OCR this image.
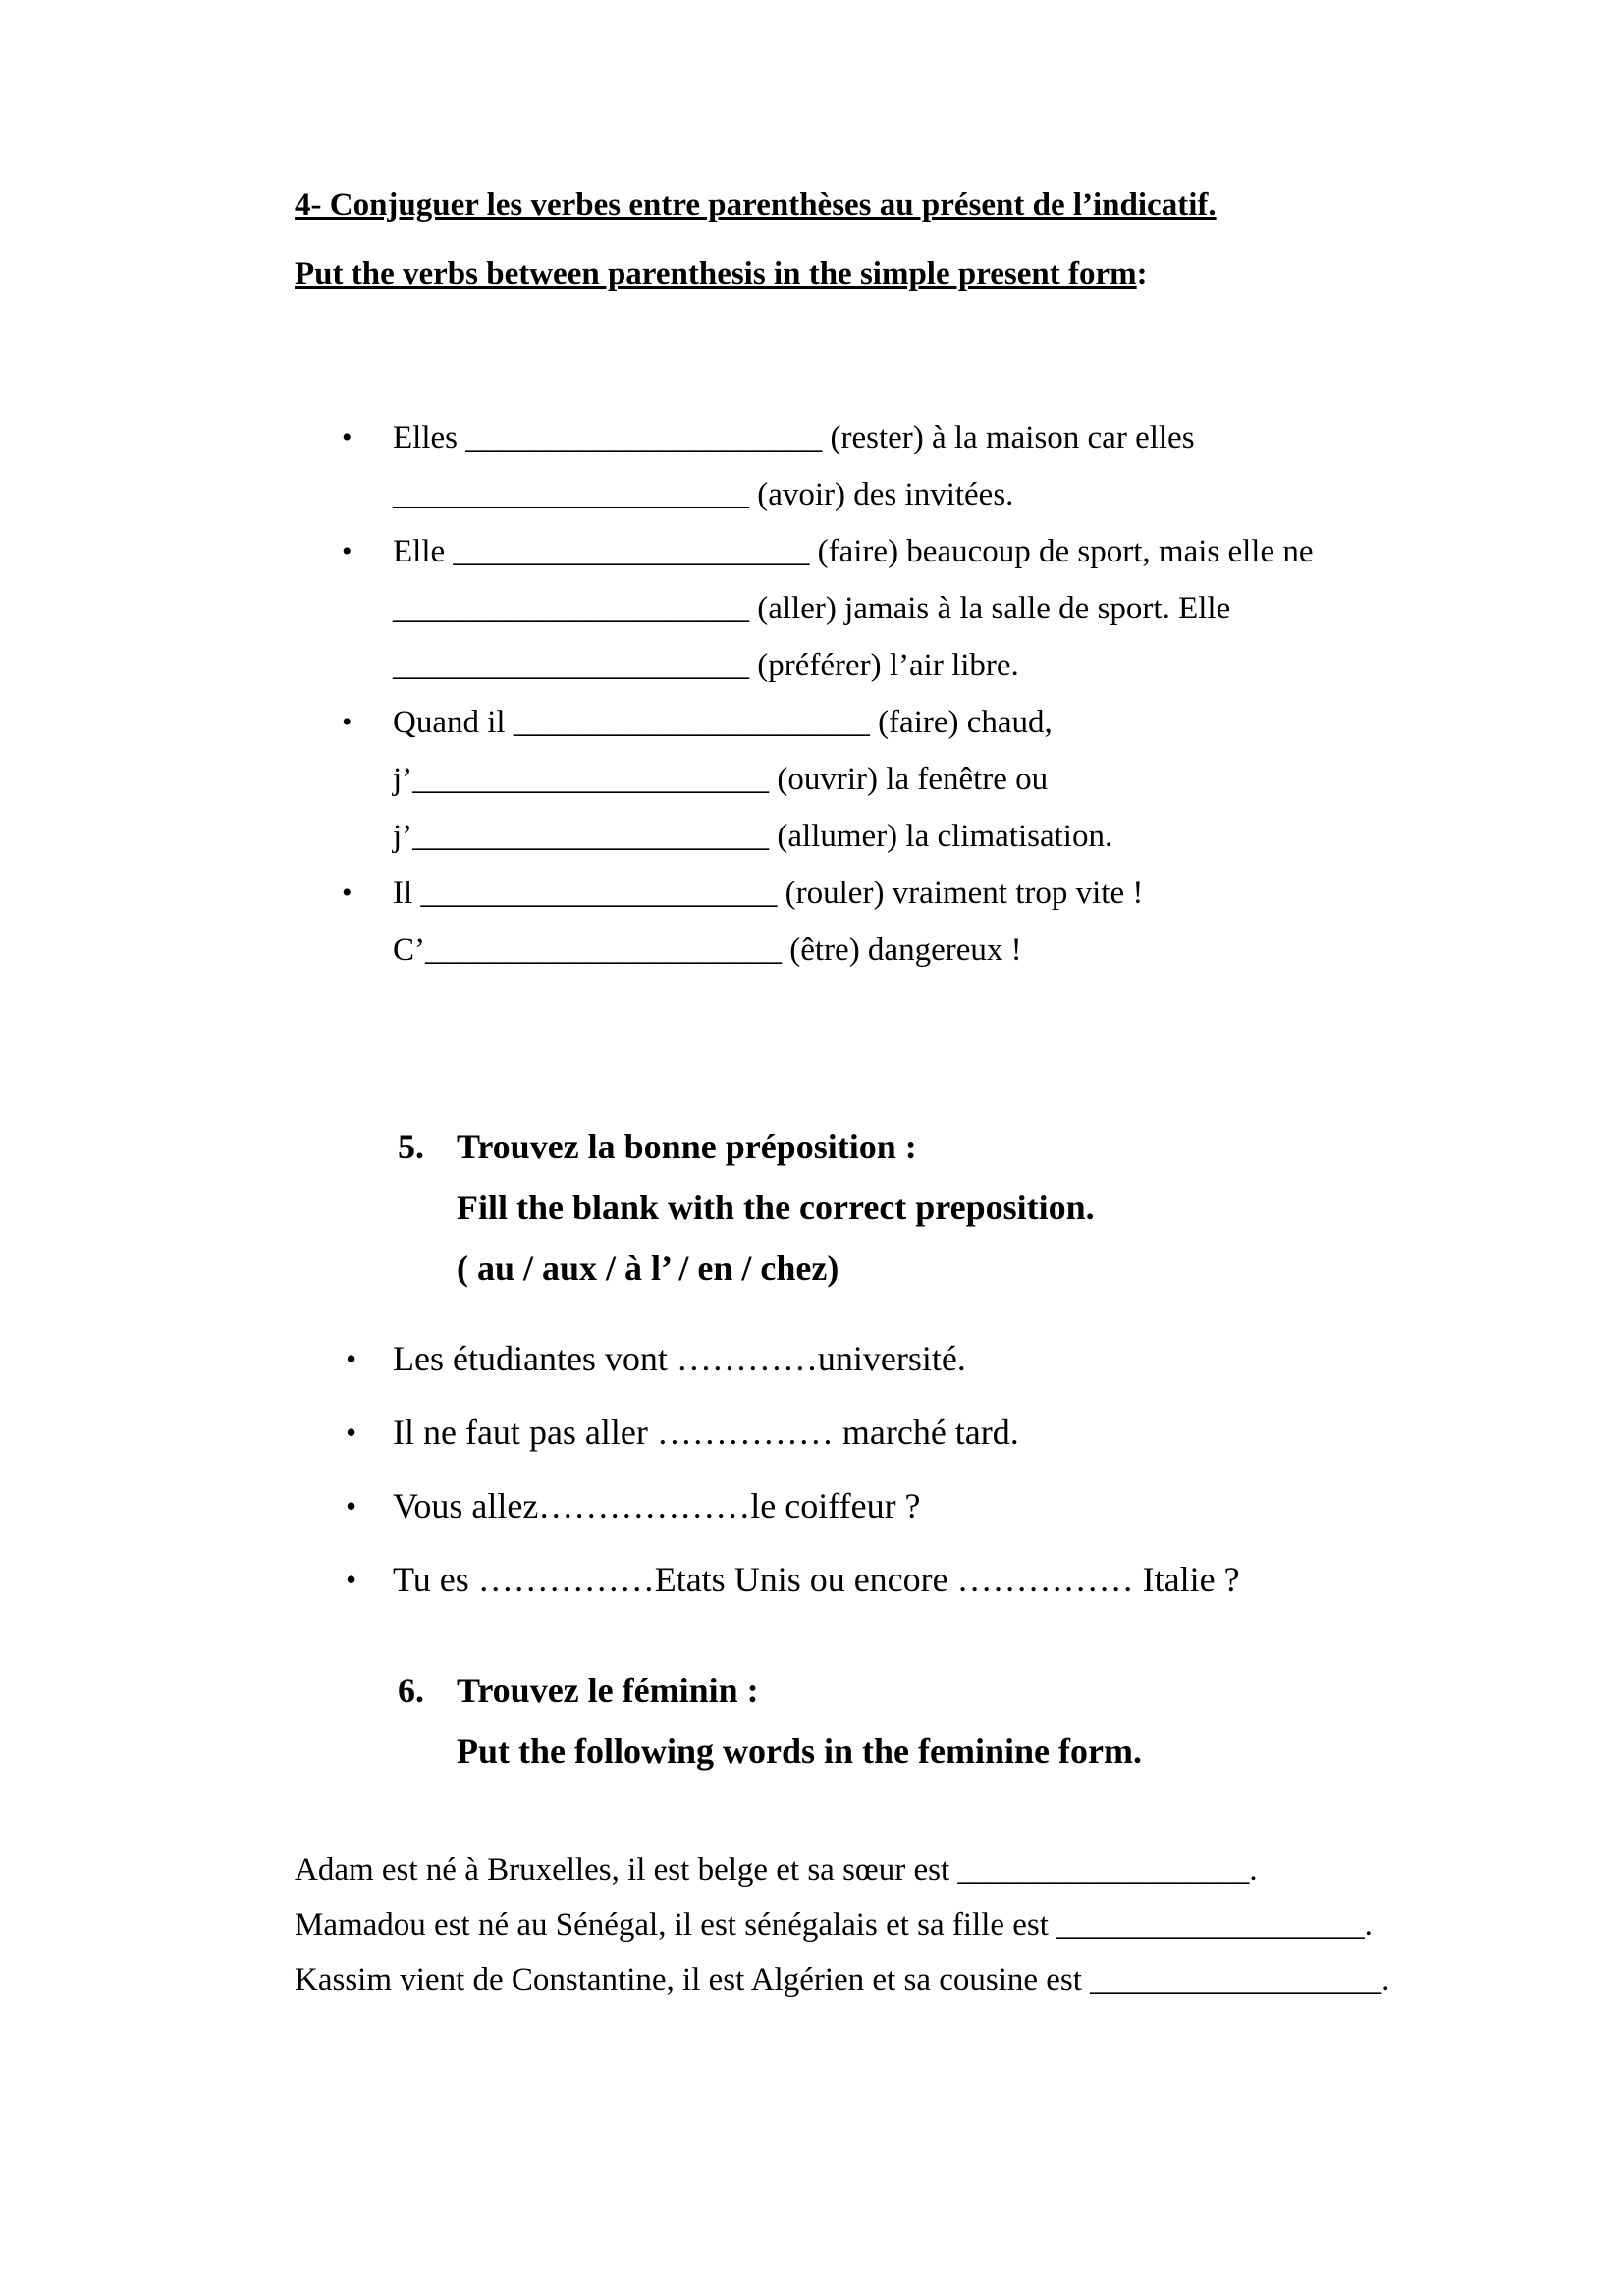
4- Conjuguer les verbes entre parenthèses au présent de l’indicatif.
Put the verbs between parenthesis in the simple present form:
•	Elles ______________________ (rester) à la maison car elles
______________________ (avoir) des invitées.
•	Elle ______________________ (faire) beaucoup de sport, mais elle ne
______________________ (aller) jamais à la salle de sport. Elle
______________________ (préférer) l’air libre.
•	Quand il ______________________ (faire) chaud,
j’______________________ (ouvrir) la fenêtre ou
j’______________________ (allumer) la climatisation.
•	Il ______________________ (rouler) vraiment trop vite !
C’______________________ (être) dangereux !
5. Trouvez la bonne préposition :
Fill the blank with the correct preposition.
( au / aux / à l’ / en / chez)
•	Les étudiantes vont …………université.
•	Il ne faut pas aller …………… marché tard.
•	Vous allez………………le coiffeur ?
•	Tu es ……………Etats Unis ou encore …………… Italie ?
6. Trouvez le féminin :
Put the following words in the feminine form.
Adam est né à Bruxelles, il est belge et sa sœur est __________________.
Mamadou est né au Sénégal, il est sénégalais et sa fille est ___________________.
Kassim vient de Constantine, il est Algérien et sa cousine est __________________.
